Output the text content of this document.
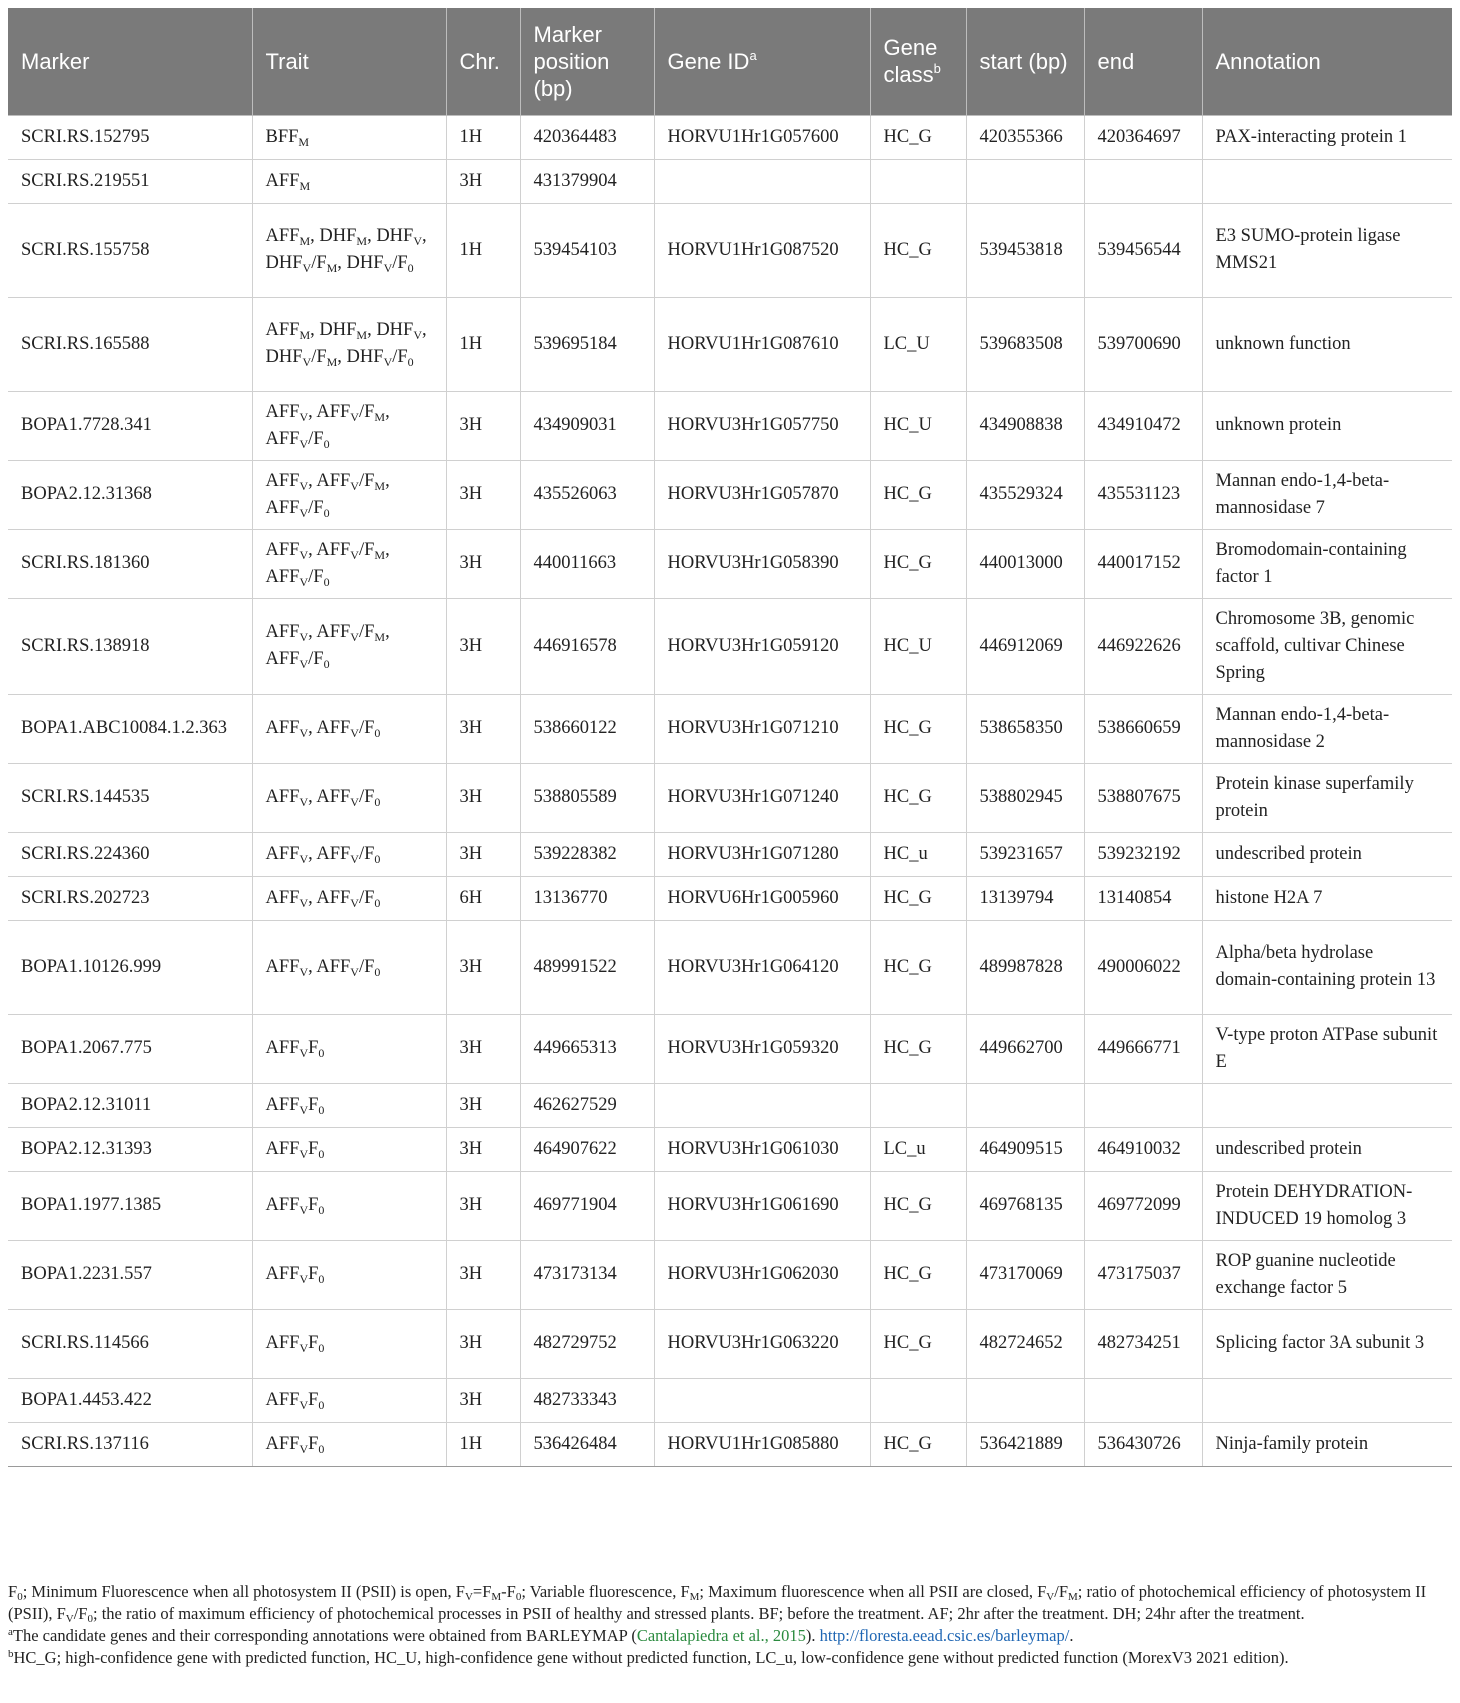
Marker	Trait	Chr.	Marker position (bp)	Gene $ID^a$	Gene class$^b$	start (bp)	end	Annotation
SCRI.RS.152795	$BFF_M$	1H	420364483	HORVU1Hr1G057600	HC_G	420355366	420364697	PAX-interacting protein 1
SCRI.RS.219551	$AFF_M$	3H	431379904					
SCRI.RS.155758	$AFF_M$, $DHF_M$, $DHF_V$, $DHF_V/F_M$, $DHF_V/F_0$	1H	539454103	HORVU1Hr1G087520	HC_G	539453818	539456544	E3 SUMO-protein ligase MMS21
SCRI.RS.165588	$AFF_M$, $DHF_M$, $DHF_V$, $DHF_V/F_M$, $DHF_V/F_0$	1H	539695184	HORVU1Hr1G087610	LC_U	539683508	539700690	unknown function
BOPA1.7728.341	$AFF_V$, $AFF_V/F_M$, $AFF_V/F_0$	3H	434909031	HORVU3Hr1G057750	HC_U	434908838	434910472	unknown protein
BOPA2.12.31368	$AFF_V$, $AFF_V/F_M$, $AFF_V/F_0$	3H	435526063	HORVU3Hr1G057870	HC_G	435529324	435531123	Mannan endo-1,4-beta-mannosidase 7
SCRI.RS.181360	$AFF_V$, $AFF_V/F_M$, $AFF_V/F_0$	3H	440011663	HORVU3Hr1G058390	HC_G	440013000	440017152	Bromodomain-containing factor 1
SCRI.RS.138918	$AFF_V$, $AFF_V/F_M$, $AFF_V/F_0$	3H	446916578	HORVU3Hr1G059120	HC_U	446912069	446922626	Chromosome 3B, genomic scaffold, cultivar Chinese Spring
BOPA1.ABC10084.1.2.363	$AFF_V$, $AFF_V/F_0$	3H	538660122	HORVU3Hr1G071210	HC_G	538658350	538660659	Mannan endo-1,4-beta-mannosidase 2
SCRI.RS.144535	$AFF_V$, $AFF_V/F_0$	3H	538805589	HORVU3Hr1G071240	HC_G	538802945	538807675	Protein kinase superfamily protein
SCRI.RS.224360	$AFF_V$, $AFF_V/F_0$	3H	539228382	HORVU3Hr1G071280	HC_u	539231657	539232192	undescribed protein
SCRI.RS.202723	$AFF_V$, $AFF_V/F_0$	6H	13136770	HORVU6Hr1G005960	HC_G	13139794	13140854	histone H2A 7
BOPA1.10126.999	$AFF_V$, $AFF_V/F_0$	3H	489991522	HORVU3Hr1G064120	HC_G	489987828	490006022	Alpha/beta hydrolase domain-containing protein 13
BOPA1.2067.775	$AFF_VF_0$	3H	449665313	HORVU3Hr1G059320	HC_G	449662700	449666771	V-type proton ATPase subunit E
BOPA2.12.31011	$AFF_VF_0$	3H	462627529					
BOPA2.12.31393	$AFF_VF_0$	3H	464907622	HORVU3Hr1G061030	LC_u	464909515	464910032	undescribed protein
BOPA1.1977.1385	$AFF_VF_0$	3H	469771904	HORVU3Hr1G061690	HC_G	469768135	469772099	Protein DEHYDRATION-INDUCED 19 homolog 3
BOPA1.2231.557	$AFF_VF_0$	3H	473173134	HORVU3Hr1G062030	HC_G	473170069	473175037	ROP guanine nucleotide exchange factor 5
SCRI.RS.114566	$AFF_VF_0$	3H	482729752	HORVU3Hr1G063220	HC_G	482724652	482734251	Splicing factor 3A subunit 3
BOPA1.4453.422	$AFF_VF_0$	3H	482733343					
SCRI.RS.137116	$AFF_VF_0$	1H	536426484	HORVU1Hr1G085880	HC_G	536421889	536430726	Ninja-family protein

$F_0$; Minimum Fluorescence when all photosystem II (PSII) is open, $F_V=F_M-F_0$; Variable fluorescence, $F_M$; Maximum fluorescence when all PSII are closed, $F_V/F_M$; ratio of photochemical efficiency of photosystem II (PSII), $F_V/F_0$; the ratio of maximum efficiency of photochemical processes in PSII of healthy and stressed plants. BF; before the treatment. AF; 2hr after the treatment. DH; 24hr after the treatment.

$^a$The candidate genes and their corresponding annotations were obtained from BARLEYMAP (Cantalapiedra et al., 2015). http://floresta.eead.csic.es/barleymap/.

$^b$HC_G; high-confidence gene with predicted function, HC_U, high-confidence gene without predicted function, LC_u, low-confidence gene without predicted function (MorexV3 2021 edition).
